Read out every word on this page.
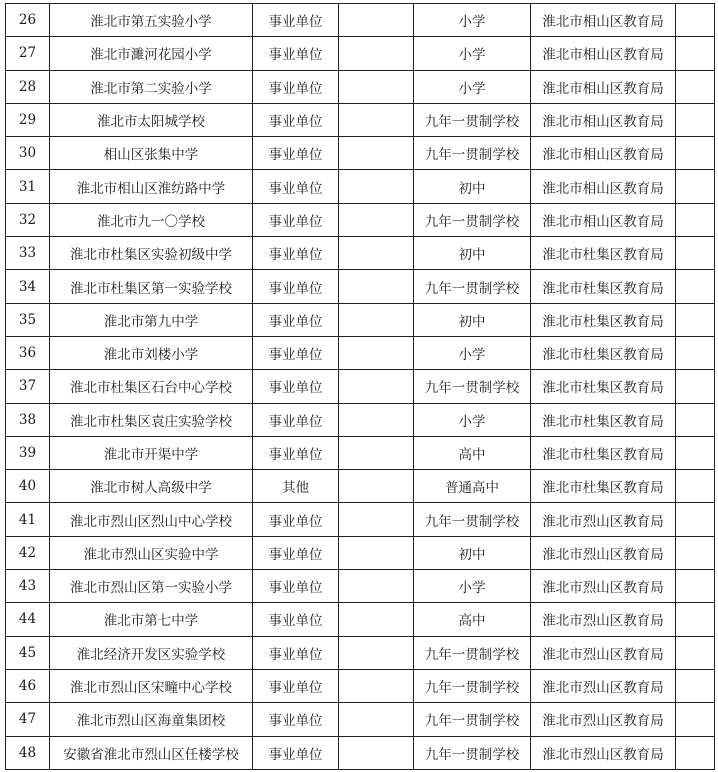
26	淮北市第五实验小学	事业单位		小学	淮北市相山区教育局	
27	淮北市濉河花园小学	事业单位		小学	淮北市相山区教育局	
28	淮北市第二实验小学	事业单位		小学	淮北市相山区教育局	
29	淮北市太阳城学校	事业单位		九年一贯制学校	淮北市相山区教育局	
30	相山区张集中学	事业单位		九年一贯制学校	淮北市相山区教育局	
31	淮北市相山区淮纺路中学	事业单位		初中	淮北市相山区教育局	
32	淮北市九一〇学校	事业单位		九年一贯制学校	淮北市相山区教育局	
33	淮北市杜集区实验初级中学	事业单位		初中	淮北市杜集区教育局	
34	淮北市杜集区第一实验学校	事业单位		九年一贯制学校	淮北市杜集区教育局	
35	淮北市第九中学	事业单位		初中	淮北市杜集区教育局	
36	淮北市刘楼小学	事业单位		小学	淮北市杜集区教育局	
37	淮北市杜集区石台中心学校	事业单位		九年一贯制学校	淮北市杜集区教育局	
38	淮北市杜集区袁庄实验学校	事业单位		小学	淮北市杜集区教育局	
39	淮北市开渠中学	事业单位		高中	淮北市杜集区教育局	
40	淮北市树人高级中学	其他		普通高中	淮北市杜集区教育局	
41	淮北市烈山区烈山中心学校	事业单位		九年一贯制学校	淮北市烈山区教育局	
42	淮北市烈山区实验中学	事业单位		初中	淮北市烈山区教育局	
43	淮北市烈山区第一实验小学	事业单位		小学	淮北市烈山区教育局	
44	淮北市第七中学	事业单位		高中	淮北市烈山区教育局	
45	淮北经济开发区实验学校	事业单位		九年一贯制学校	淮北市烈山区教育局	
46	淮北市烈山区宋疃中心学校	事业单位		九年一贯制学校	淮北市烈山区教育局	
47	淮北市烈山区海童集团校	事业单位		九年一贯制学校	淮北市烈山区教育局	
48	安徽省淮北市烈山区任楼学校	事业单位		九年一贯制学校	淮北市烈山区教育局	
